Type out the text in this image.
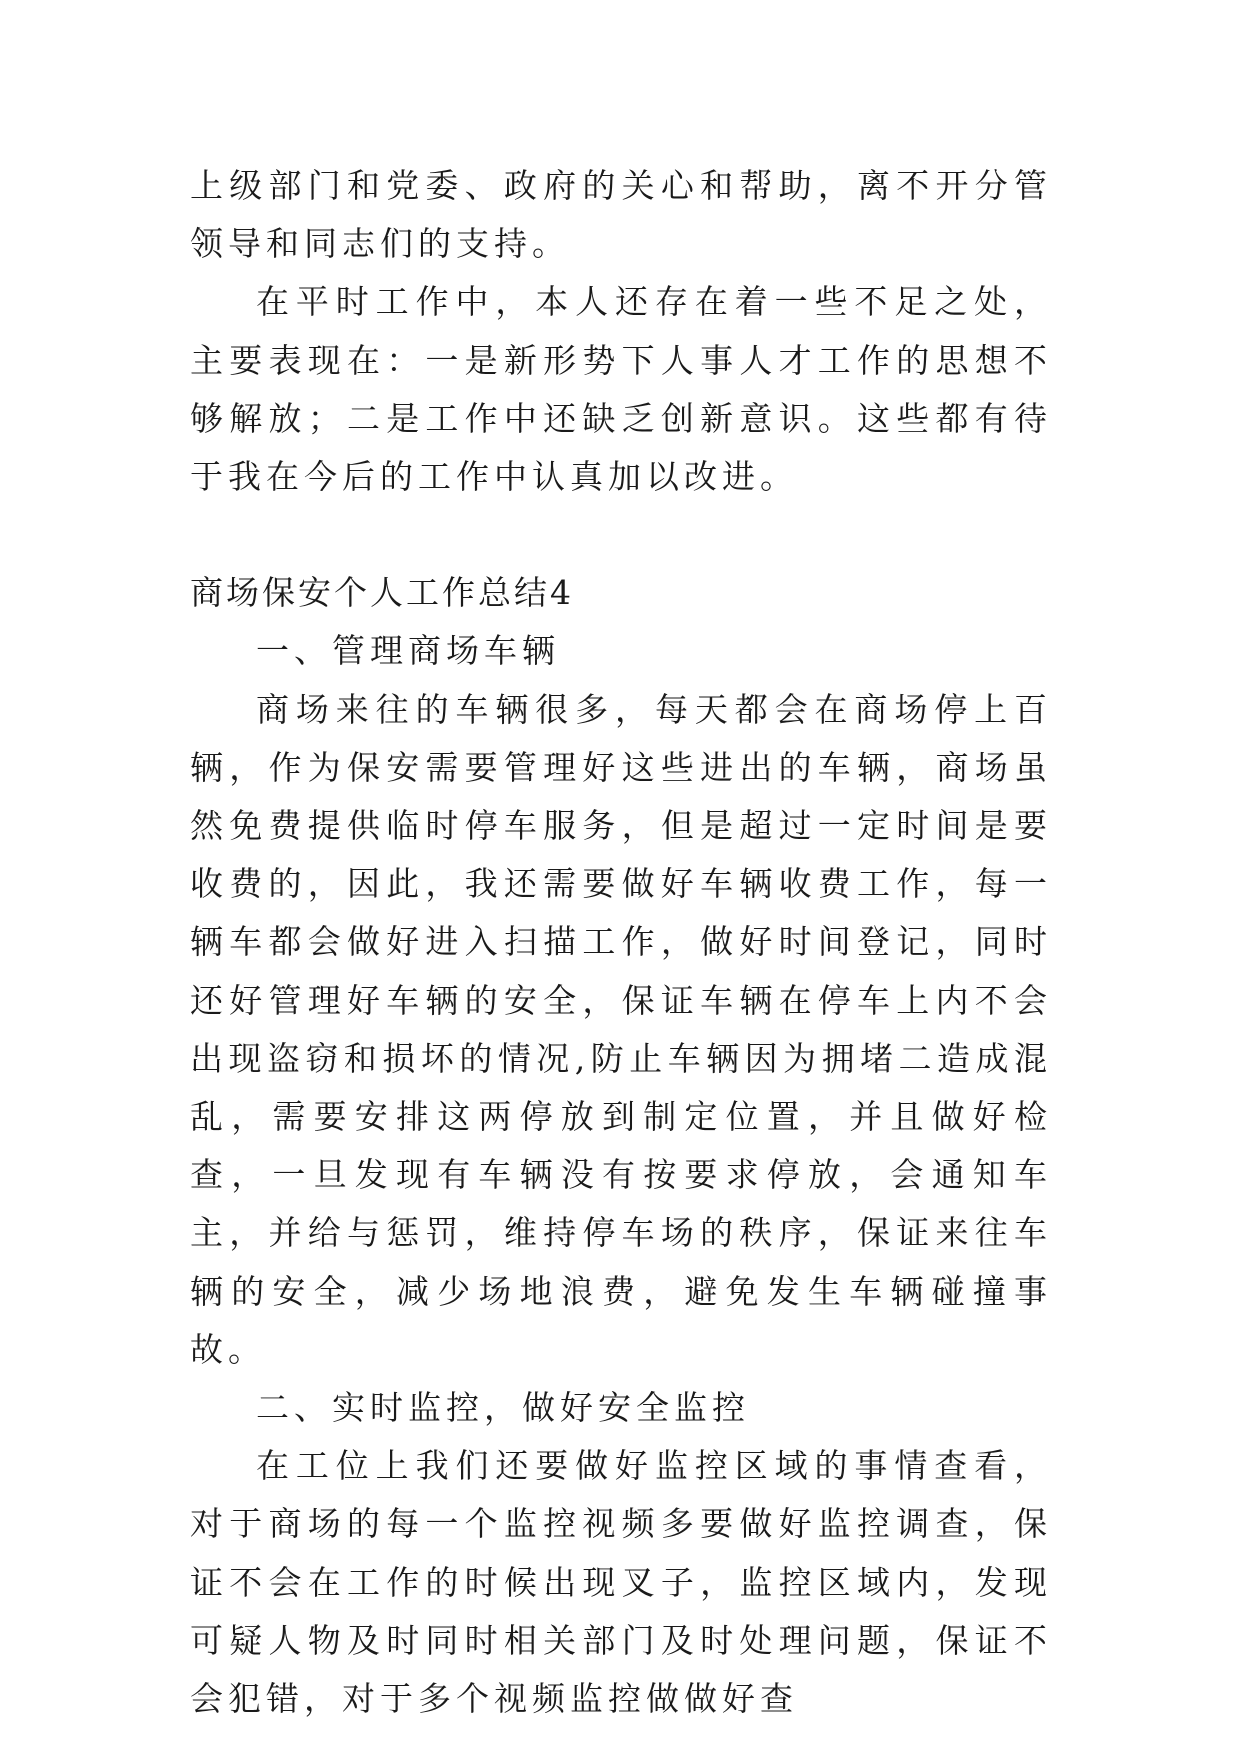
上级部门和党委、政府的关心和帮助，离不开分管领导和同志们的支持。

在平时工作中，本人还存在着一些不足之处，主要表现在：一是新形势下人事人才工作的思想不够解放；二是工作中还缺乏创新意识。这些都有待于我在今后的工作中认真加以改进。

商场保安个人工作总结4

一、管理商场车辆

商场来往的车辆很多，每天都会在商场停上百辆，作为保安需要管理好这些进出的车辆，商场虽然免费提供临时停车服务，但是超过一定时间是要收费的，因此，我还需要做好车辆收费工作，每一辆车都会做好进入扫描工作，做好时间登记，同时还好管理好车辆的安全，保证车辆在停车上内不会出现盗窃和损坏的情况,防止车辆因为拥堵二造成混乱，需要安排这两停放到制定位置，并且做好检查，一旦发现有车辆没有按要求停放，会通知车主，并给与惩罚，维持停车场的秩序，保证来往车辆的安全，减少场地浪费，避免发生车辆碰撞事故。

二、实时监控，做好安全监控

在工位上我们还要做好监控区域的事情查看，对于商场的每一个监控视频多要做好监控调查，保证不会在工作的时候出现叉子，监控区域内，发现可疑人物及时同时相关部门及时处理问题，保证不会犯错，对于多个视频监控做做好查
